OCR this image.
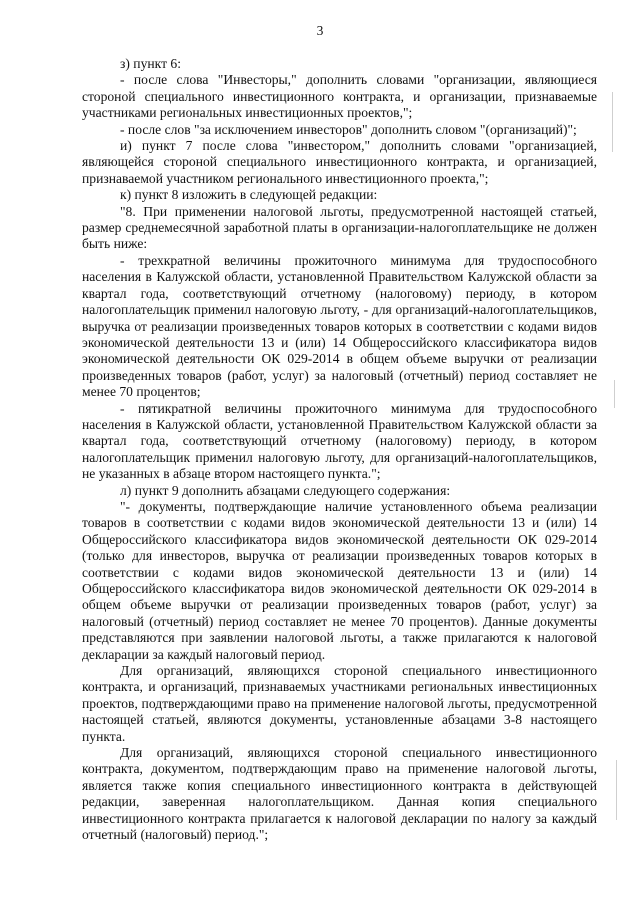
3

з) пункт 6:

- после слова "Инвесторы," дополнить словами "организации, являющиеся стороной специального инвестиционного контракта, и организации, признаваемые участниками региональных инвестиционных проектов,";

- после слов "за исключением инвесторов" дополнить словом "(организаций)";

и) пункт 7 после слова "инвестором," дополнить словами "организацией, являющейся стороной специального инвестиционного контракта, и организацией, признаваемой участником регионального инвестиционного проекта,";

к) пункт 8 изложить в следующей редакции:

"8. При применении налоговой льготы, предусмотренной настоящей статьей, размер среднемесячной заработной платы в организации-налогоплательщике не должен быть ниже:

- трехкратной величины прожиточного минимума для трудоспособного населения в Калужской области, установленной Правительством Калужской области за квартал года, соответствующий отчетному (налоговому) периоду, в котором налогоплательщик применил налоговую льготу, - для организаций-налогоплательщиков, выручка от реализации произведенных товаров которых в соответствии с кодами видов экономической деятельности 13 и (или) 14 Общероссийского классификатора видов экономической деятельности ОК 029-2014 в общем объеме выручки от реализации произведенных товаров (работ, услуг) за налоговый (отчетный) период составляет не менее 70 процентов;

- пятикратной величины прожиточного минимума для трудоспособного населения в Калужской области, установленной Правительством Калужской области за квартал года, соответствующий отчетному (налоговому) периоду, в котором налогоплательщик применил налоговую льготу, для организаций-налогоплательщиков, не указанных в абзаце втором настоящего пункта.";

л) пункт 9 дополнить абзацами следующего содержания:

"- документы, подтверждающие наличие установленного объема реализации товаров в соответствии с кодами видов экономической деятельности 13 и (или) 14 Общероссийского классификатора видов экономической деятельности ОК 029-2014 (только для инвесторов, выручка от реализации произведенных товаров которых в соответствии с кодами видов экономической деятельности 13 и (или) 14 Общероссийского классификатора видов экономической деятельности ОК 029-2014 в общем объеме выручки от реализации произведенных товаров (работ, услуг) за налоговый (отчетный) период составляет не менее 70 процентов). Данные документы представляются при заявлении налоговой льготы, а также прилагаются к налоговой декларации за каждый налоговый период.

Для организаций, являющихся стороной специального инвестиционного контракта, и организаций, признаваемых участниками региональных инвестиционных проектов, подтверждающими право на применение налоговой льготы, предусмотренной настоящей статьей, являются документы, установленные абзацами 3-8 настоящего пункта.

Для организаций, являющихся стороной специального инвестиционного контракта, документом, подтверждающим право на применение налоговой льготы, является также копия специального инвестиционного контракта в действующей редакции, заверенная налогоплательщиком. Данная копия специального инвестиционного контракта прилагается к налоговой декларации по налогу за каждый отчетный (налоговый) период.";
